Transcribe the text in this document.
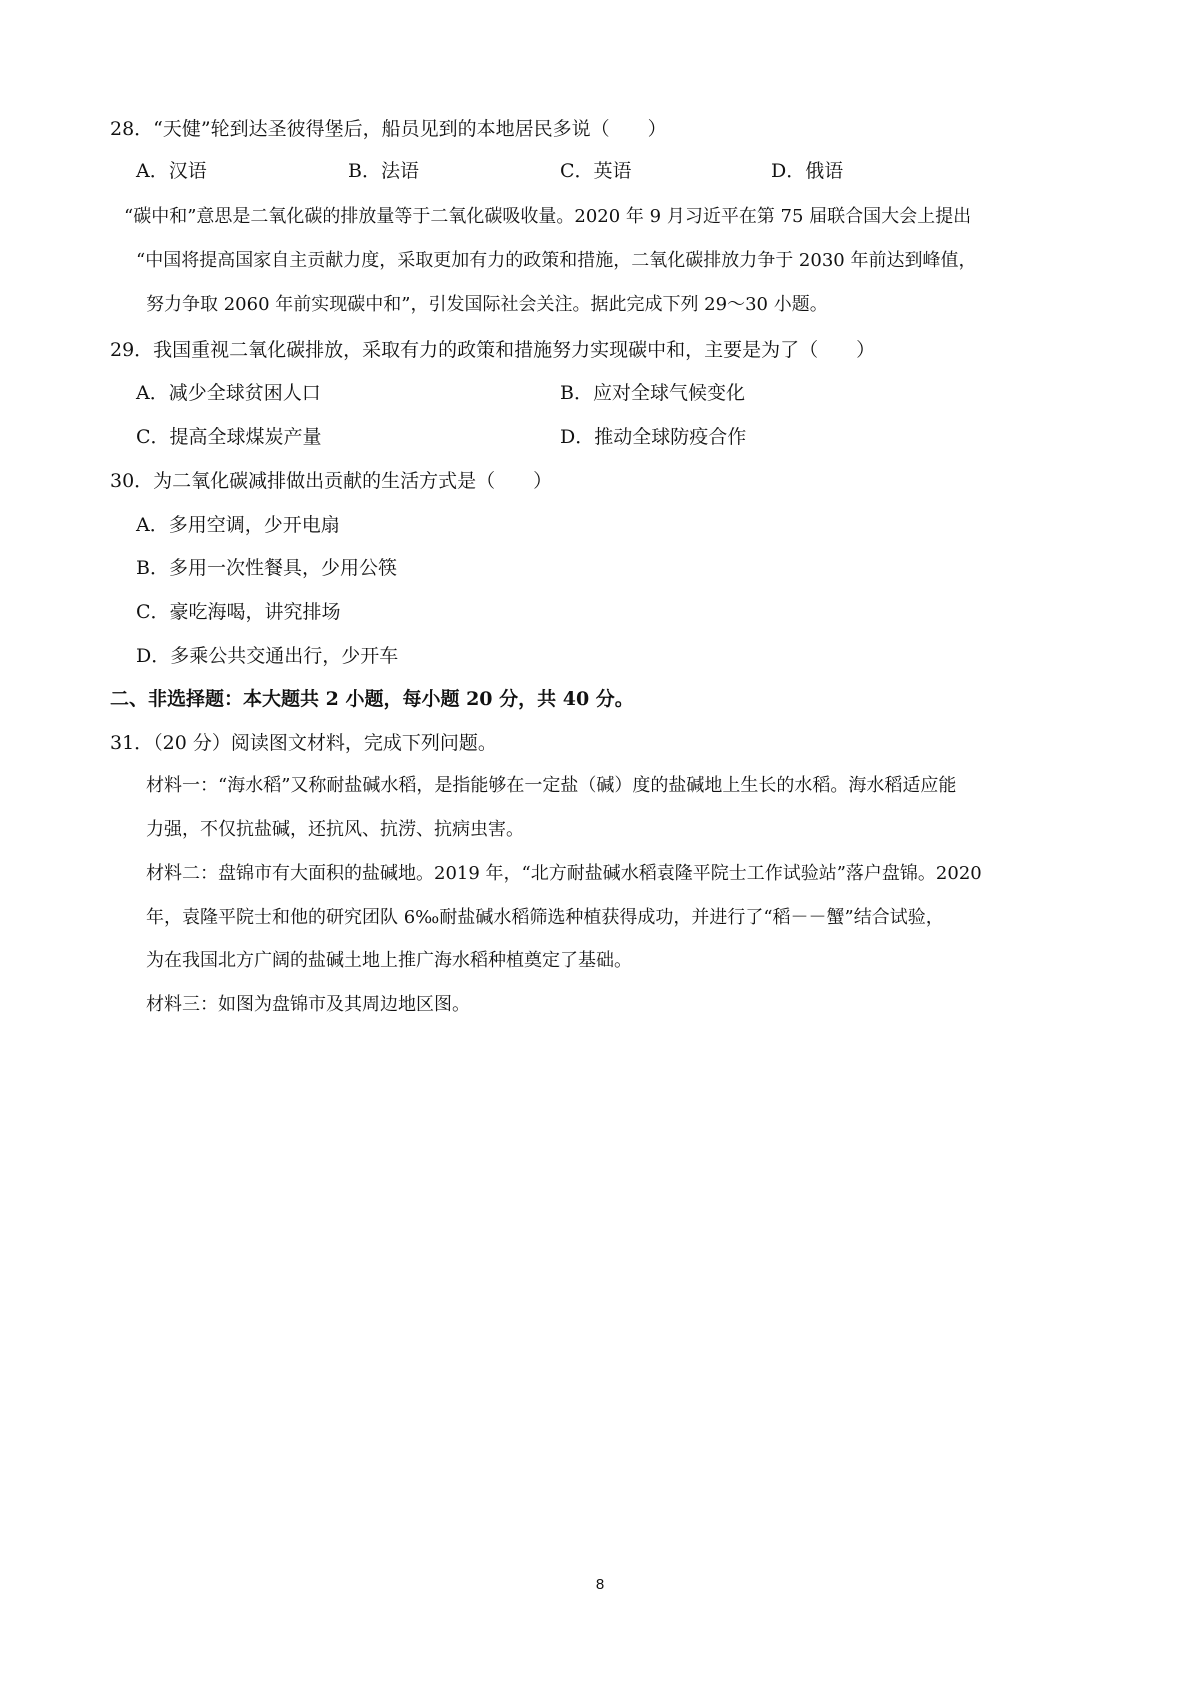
28．“天健”轮到达圣彼得堡后，船员见到的本地居民多说（　　）
A．汉语	B．法语	C．英语	D．俄语
“碳中和”意思是二氧化碳的排放量等于二氧化碳吸收量。2020 年 9 月习近平在第 75 届联合国大会上提出
“中国将提高国家自主贡献力度，采取更加有力的政策和措施，二氧化碳排放力争于 2030 年前达到峰值，
努力争取 2060 年前实现碳中和”，引发国际社会关注。据此完成下列 29～30 小题。
29．我国重视二氧化碳排放，采取有力的政策和措施努力实现碳中和，主要是为了（　　）
A．减少全球贫困人口	B．应对全球气候变化
C．提高全球煤炭产量	D．推动全球防疫合作
30．为二氧化碳减排做出贡献的生活方式是（　　）
A．多用空调，少开电扇
B．多用一次性餐具，少用公筷
C．豪吃海喝，讲究排场
D．多乘公共交通出行，少开车
二、非选择题：本大题共 2 小题，每小题 20 分，共 40 分。
31．（20 分）阅读图文材料，完成下列问题。
材料一：“海水稻”又称耐盐碱水稻，是指能够在一定盐（碱）度的盐碱地上生长的水稻。海水稻适应能
力强，不仅抗盐碱，还抗风、抗涝、抗病虫害。
材料二：盘锦市有大面积的盐碱地。2019 年，“北方耐盐碱水稻袁隆平院士工作试验站”落户盘锦。2020
年，袁隆平院士和他的研究团队 6‰耐盐碱水稻筛选种植获得成功，并进行了“稻－－蟹”结合试验，
为在我国北方广阔的盐碱土地上推广海水稻种植奠定了基础。
材料三：如图为盘锦市及其周边地区图。
8
